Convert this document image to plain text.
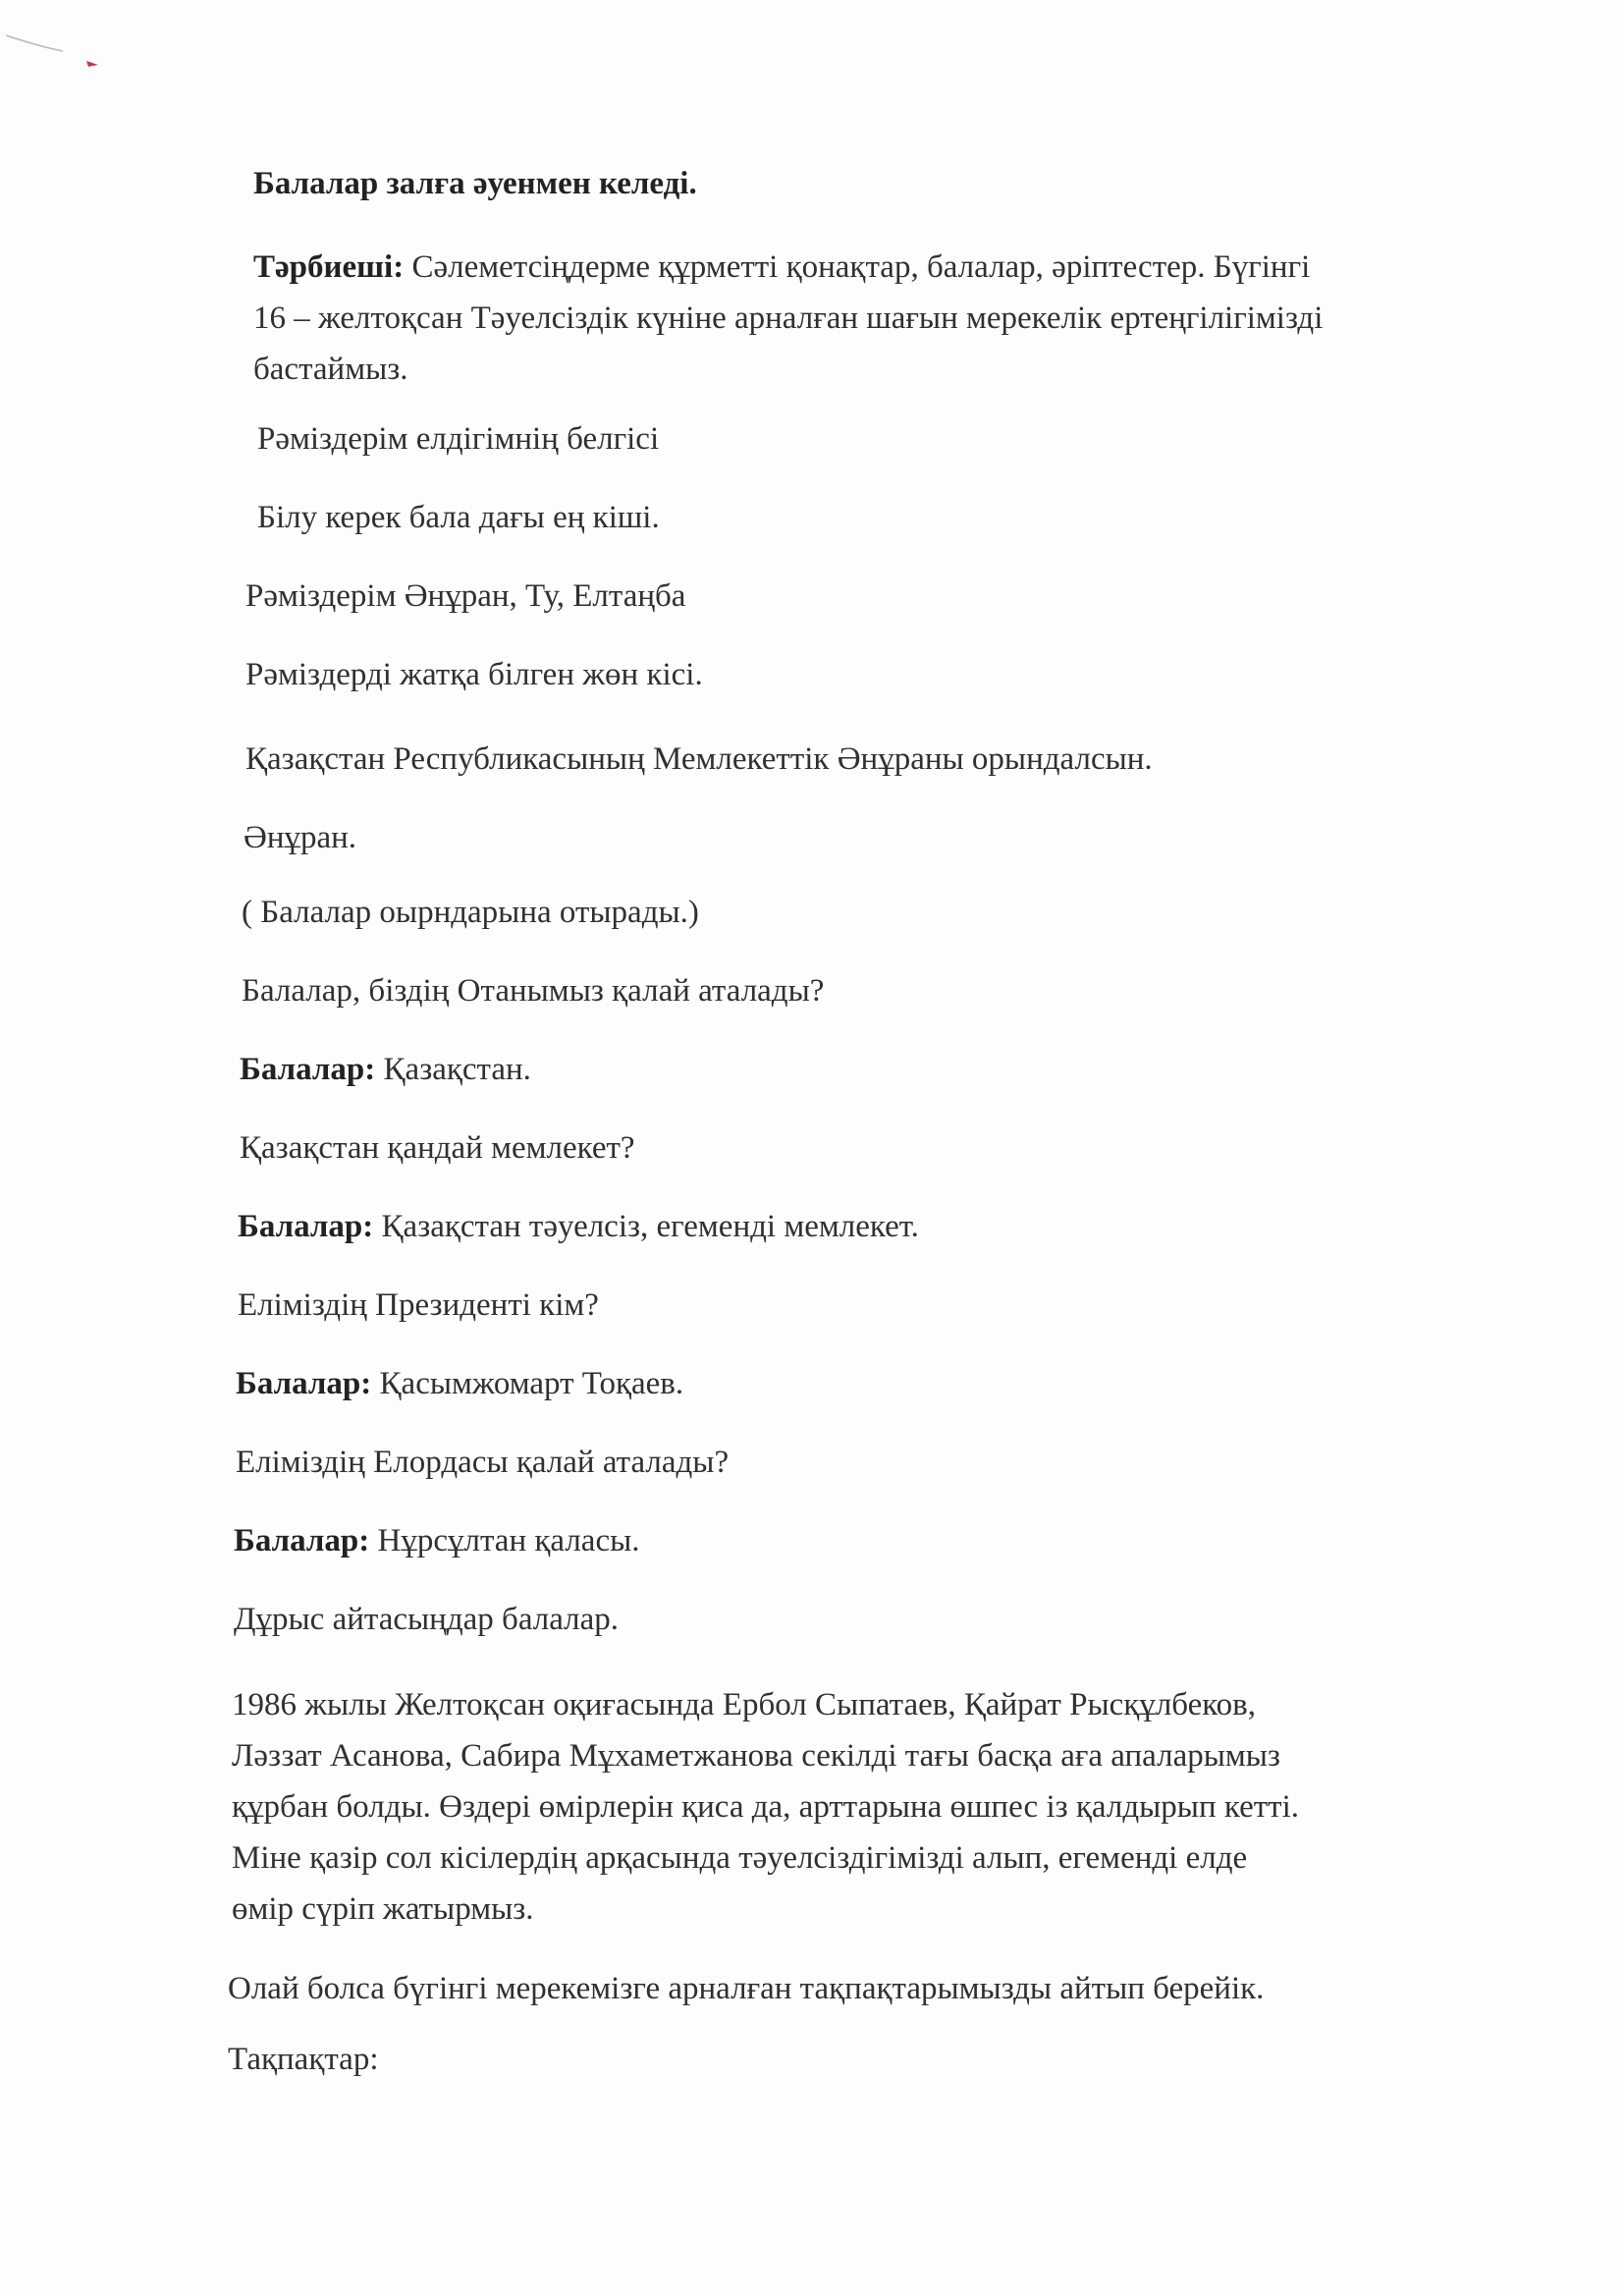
Балалар залға әуенмен келеді.
Тәрбиеші: Сәлеметсіңдерме құрметті қонақтар, балалар, әріптестер. Бүгінгі
16 – желтоқсан Тәуелсіздік күніне арналған шағын мерекелік ертеңгілігімізді
бастаймыз.
Рәміздерім елдігімнің белгісі
Білу керек бала дағы ең кіші.
Рәміздерім Әнұран, Ту, Елтаңба
Рәміздерді жатқа білген жөн кісі.
Қазақстан Республикасының Мемлекеттік Әнұраны орындалсын.
Әнұран.
( Балалар оырндарына отырады.)
Балалар, біздің Отанымыз қалай аталады?
Балалар: Қазақстан.
Қазақстан қандай мемлекет?
Балалар: Қазақстан тәуелсіз, егеменді мемлекет.
Еліміздің Президенті кім?
Балалар: Қасымжомарт Тоқаев.
Еліміздің Елордасы қалай аталады?
Балалар: Нұрсұлтан қаласы.
Дұрыс айтасыңдар балалар.
1986 жылы Желтоқсан оқиғасында Ербол Сыпатаев, Қайрат Рысқұлбеков,
Ләззат Асанова, Сабира Мұхаметжанова секілді тағы басқа аға апаларымыз
құрбан болды. Өздері өмірлерін қиса да, арттарына өшпес із қалдырып кетті.
Міне қазір сол кісілердің арқасында тәуелсіздігімізді алып, егеменді елде
өмір сүріп жатырмыз.
Олай болса бүгінгі мерекемізге арналған тақпақтарымызды айтып берейік.
Тақпақтар:
